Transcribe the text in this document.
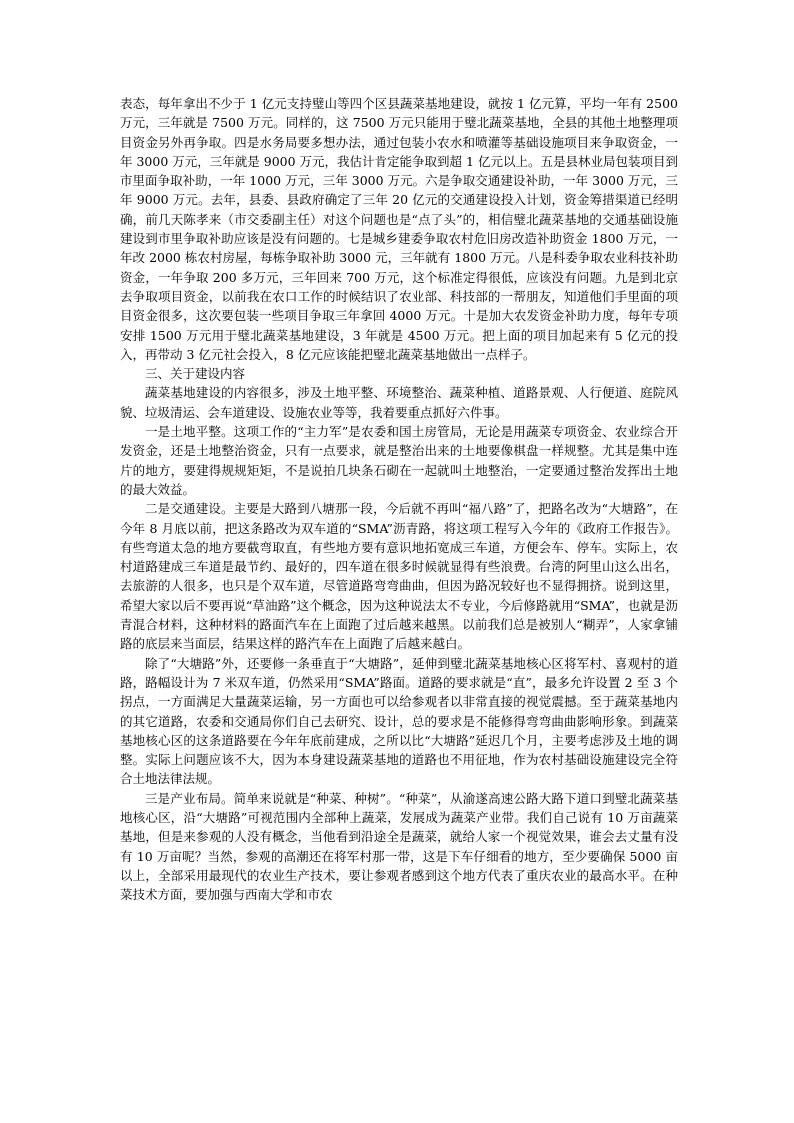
表态，每年拿出不少于 1 亿元支持璧山等四个区县蔬菜基地建设，就按 1 亿元算，平均一年有 2500 万元，三年就是 7500 万元。同样的，这 7500 万元只能用于璧北蔬菜基地，全县的其他土地整理项目资金另外再争取。四是水务局要多想办法，通过包装小农水和喷灌等基础设施项目来争取资金，一年 3000 万元，三年就是 9000 万元，我估计肯定能争取到超 1 亿元以上。五是县林业局包装项目到市里面争取补助，一年 1000 万元，三年 3000 万元。六是争取交通建设补助，一年 3000 万元，三年 9000 万元。去年，县委、县政府确定了三年 20 亿元的交通建设投入计划，资金筹措渠道已经明确，前几天陈孝来（市交委副主任）对这个问题也是“点了头”的，相信璧北蔬菜基地的交通基础设施建设到市里争取补助应该是没有问题的。七是城乡建委争取农村危旧房改造补助资金 1800 万元，一年改 2000 栋农村房屋，每栋争取补助 3000 元，三年就有 1800 万元。八是科委争取农业科技补助资金，一年争取 200 多万元，三年回来 700 万元，这个标准定得很低，应该没有问题。九是到北京去争取项目资金，以前我在农口工作的时候结识了农业部、科技部的一帮朋友，知道他们手里面的项目资金很多，这次要包装一些项目争取三年拿回 4000 万元。十是加大农发资金补助力度，每年专项安排 1500 万元用于璧北蔬菜基地建设，3 年就是 4500 万元。把上面的项目加起来有 5 亿元的投入，再带动 3 亿元社会投入，8 亿元应该能把璧北蔬菜基地做出一点样子。

三、关于建设内容

蔬菜基地建设的内容很多，涉及土地平整、环境整治、蔬菜种植、道路景观、人行便道、庭院风貌、垃圾清运、会车道建设、设施农业等等，我着要重点抓好六件事。

一是土地平整。这项工作的“主力军”是农委和国土房管局，无论是用蔬菜专项资金、农业综合开发资金，还是土地整治资金，只有一点要求，就是整治出来的土地要像棋盘一样规整。尤其是集中连片的地方，要建得规规矩矩，不是说拍几块条石砌在一起就叫土地整治，一定要通过整治发挥出土地的最大效益。

二是交通建设。主要是大路到八塘那一段，今后就不再叫“福八路”了，把路名改为“大塘路”，在今年 8 月底以前，把这条路改为双车道的“SMA”沥青路，将这项工程写入今年的《政府工作报告》。有些弯道太急的地方要截弯取直，有些地方要有意识地拓宽成三车道，方便会车、停车。实际上，农村道路建成三车道是最节约、最好的，四车道在很多时候就显得有些浪费。台湾的阿里山这么出名，去旅游的人很多，也只是个双车道，尽管道路弯弯曲曲，但因为路况较好也不显得拥挤。说到这里，希望大家以后不要再说“草油路”这个概念，因为这种说法太不专业，今后修路就用“SMA”，也就是沥青混合材料，这种材料的路面汽车在上面跑了过后越来越黑。以前我们总是被别人“糊弄”，人家拿铺路的底层来当面层，结果这样的路汽车在上面跑了后越来越白。

除了“大塘路”外，还要修一条垂直于“大塘路”，延伸到璧北蔬菜基地核心区将军村、喜观村的道路，路幅设计为 7 米双车道，仍然采用“SMA”路面。道路的要求就是“直”，最多允许设置 2 至 3 个拐点，一方面满足大量蔬菜运输，另一方面也可以给参观者以非常直接的视觉震撼。至于蔬菜基地内的其它道路，农委和交通局你们自己去研究、设计，总的要求是不能修得弯弯曲曲影响形象。到蔬菜基地核心区的这条道路要在今年年底前建成，之所以比“大塘路”延迟几个月，主要考虑涉及土地的调整。实际上问题应该不大，因为本身建设蔬菜基地的道路也不用征地，作为农村基础设施建设完全符合土地法律法规。

三是产业布局。简单来说就是“种菜、种树”。“种菜”，从渝遂高速公路大路下道口到璧北蔬菜基地核心区，沿“大塘路”可视范围内全部种上蔬菜，发展成为蔬菜产业带。我们自己说有 10 万亩蔬菜基地，但是来参观的人没有概念，当他看到沿途全是蔬菜，就给人家一个视觉效果，谁会去丈量有没有 10 万亩呢？当然，参观的高潮还在将军村那一带，这是下车仔细看的地方，至少要确保 5000 亩以上，全部采用最现代的农业生产技术，要让参观者感到这个地方代表了重庆农业的最高水平。在种菜技术方面，要加强与西南大学和市农
